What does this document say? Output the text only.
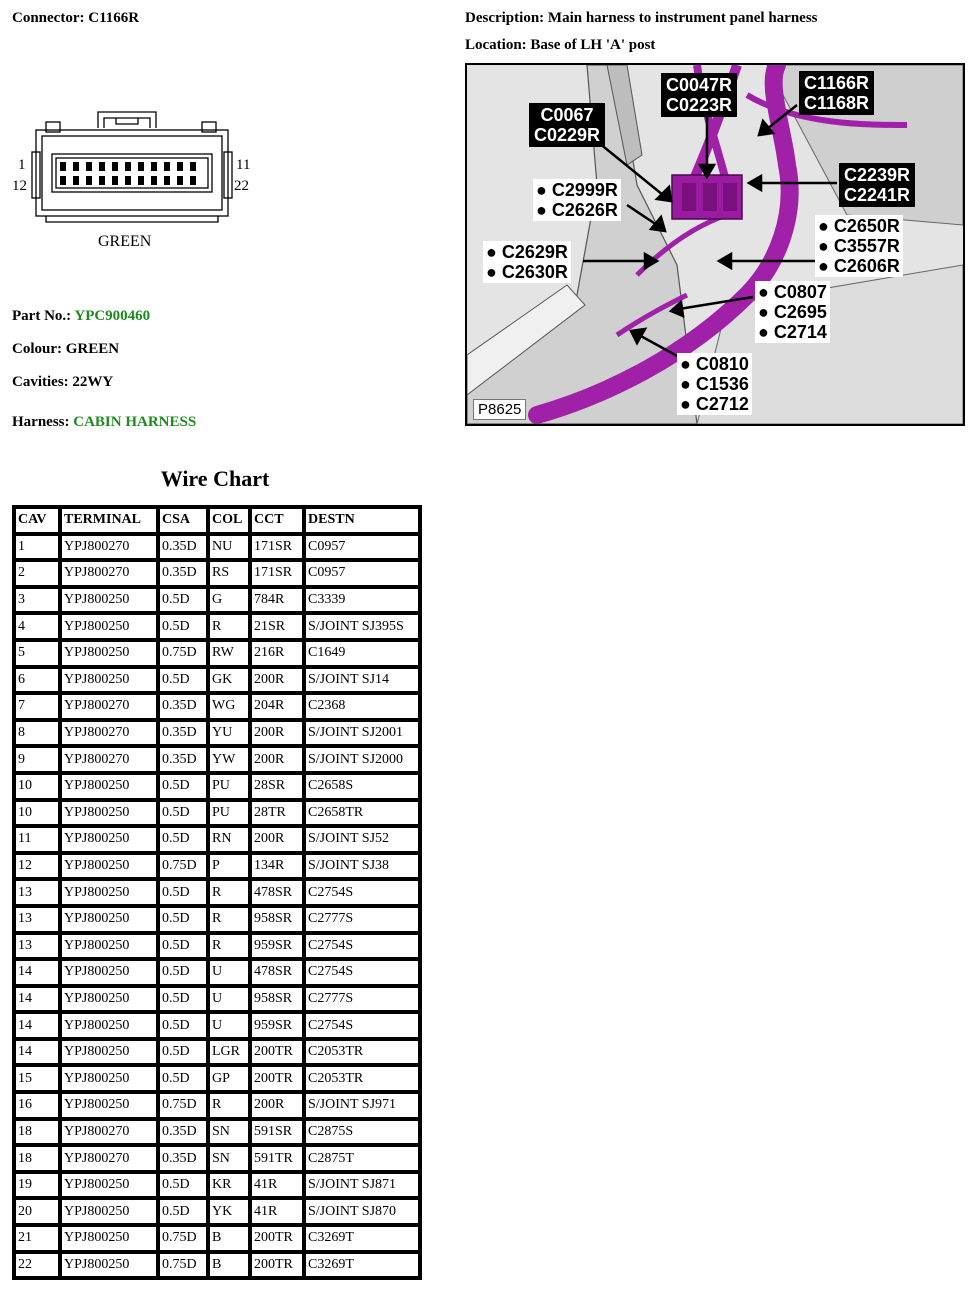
Connector: C1166R	Description: Main harness to instrument panel harness
Location: Base of LH 'A' post
1
12
11
22
GREEN
Part No.: YPC900460
Colour: GREEN
Cavities: 22WY
Harness: CABIN HARNESS
C0047R
C0223R
C1166R
C1168R
C0067
C0229R
C2239R
C2241R
● C2999R
● C2626R
● C2650R
● C3557R
● C2606R
● C2629R
● C2630R
● C0807
● C2695
● C2714
● C0810
● C1536
● C2712
P8625
Wire Chart
CAV	TERMINAL	CSA	COL	CCT	DESTN
1	YPJ800270	0.35D	NU	171SR	C0957
2	YPJ800270	0.35D	RS	171SR	C0957
3	YPJ800250	0.5D	G	784R	C3339
4	YPJ800250	0.5D	R	21SR	S/JOINT SJ395S
5	YPJ800250	0.75D	RW	216R	C1649
6	YPJ800250	0.5D	GK	200R	S/JOINT SJ14
7	YPJ800270	0.35D	WG	204R	C2368
8	YPJ800270	0.35D	YU	200R	S/JOINT SJ2001
9	YPJ800270	0.35D	YW	200R	S/JOINT SJ2000
10	YPJ800250	0.5D	PU	28SR	C2658S
10	YPJ800250	0.5D	PU	28TR	C2658TR
11	YPJ800250	0.5D	RN	200R	S/JOINT SJ52
12	YPJ800250	0.75D	P	134R	S/JOINT SJ38
13	YPJ800250	0.5D	R	478SR	C2754S
13	YPJ800250	0.5D	R	958SR	C2777S
13	YPJ800250	0.5D	R	959SR	C2754S
14	YPJ800250	0.5D	U	478SR	C2754S
14	YPJ800250	0.5D	U	958SR	C2777S
14	YPJ800250	0.5D	U	959SR	C2754S
14	YPJ800250	0.5D	LGR	200TR	C2053TR
15	YPJ800250	0.5D	GP	200TR	C2053TR
16	YPJ800250	0.75D	R	200R	S/JOINT SJ971
18	YPJ800270	0.35D	SN	591SR	C2875S
18	YPJ800270	0.35D	SN	591TR	C2875T
19	YPJ800250	0.5D	KR	41R	S/JOINT SJ871
20	YPJ800250	0.5D	YK	41R	S/JOINT SJ870
21	YPJ800250	0.75D	B	200TR	C3269T
22	YPJ800250	0.75D	B	200TR	C3269T
